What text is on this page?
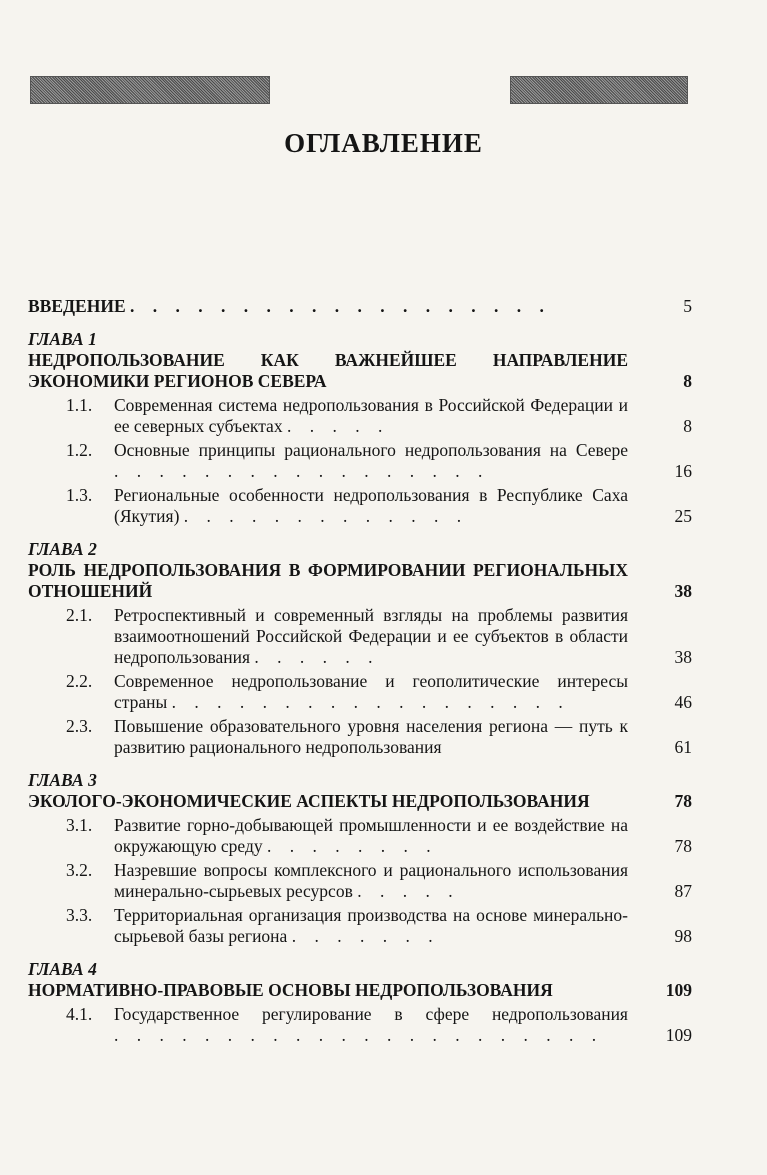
ОГЛАВЛЕНИЕ
ВВЕДЕНИЕ . . . . . . . . . . . . . . . . . . .	5
ГЛАВА 1
НЕДРОПОЛЬЗОВАНИЕ КАК ВАЖНЕЙШЕЕ НАПРАВЛЕНИЕ ЭКОНОМИКИ РЕГИОНОВ СЕВЕРА	8
1.1. Современная система недропользования в Российской Федерации и ее северных субъектах . . . . .	8
1.2. Основные принципы рационального недропользования на Севере . . . . . . . . . . . . . . . . .	16
1.3. Региональные особенности недропользования в Республике Саха (Якутия) . . . . . . . . . . . . .	25
ГЛАВА 2
РОЛЬ НЕДРОПОЛЬЗОВАНИЯ В ФОРМИРОВАНИИ РЕГИОНАЛЬНЫХ ОТНОШЕНИЙ	38
2.1. Ретроспективный и современный взгляды на проблемы развития взаимоотношений Российской Федерации и ее субъектов в области недропользования . . . . . .	38
2.2. Современное недропользование и геополитические интересы страны . . . . . . . . . . . . . . . . . .	46
2.3. Повышение образовательного уровня населения региона — путь к развитию рационального недропользования	61
ГЛАВА 3
ЭКОЛОГО-ЭКОНОМИЧЕСКИЕ АСПЕКТЫ НЕДРОПОЛЬЗОВАНИЯ	78
3.1. Развитие горно-добывающей промышленности и ее воздействие на окружающую среду . . . . . . . .	78
3.2. Назревшие вопросы комплексного и рационального использования минерально-сырьевых ресурсов . . . . .	87
3.3. Территориальная организация производства на основе минерально-сырьевой базы региона . . . . . . .	98
ГЛАВА 4
НОРМАТИВНО-ПРАВОВЫЕ ОСНОВЫ НЕДРОПОЛЬЗОВАНИЯ	109
4.1. Государственное регулирование в сфере недропользования . . . . . . . . . . . . . . . . . . . . . .	109
